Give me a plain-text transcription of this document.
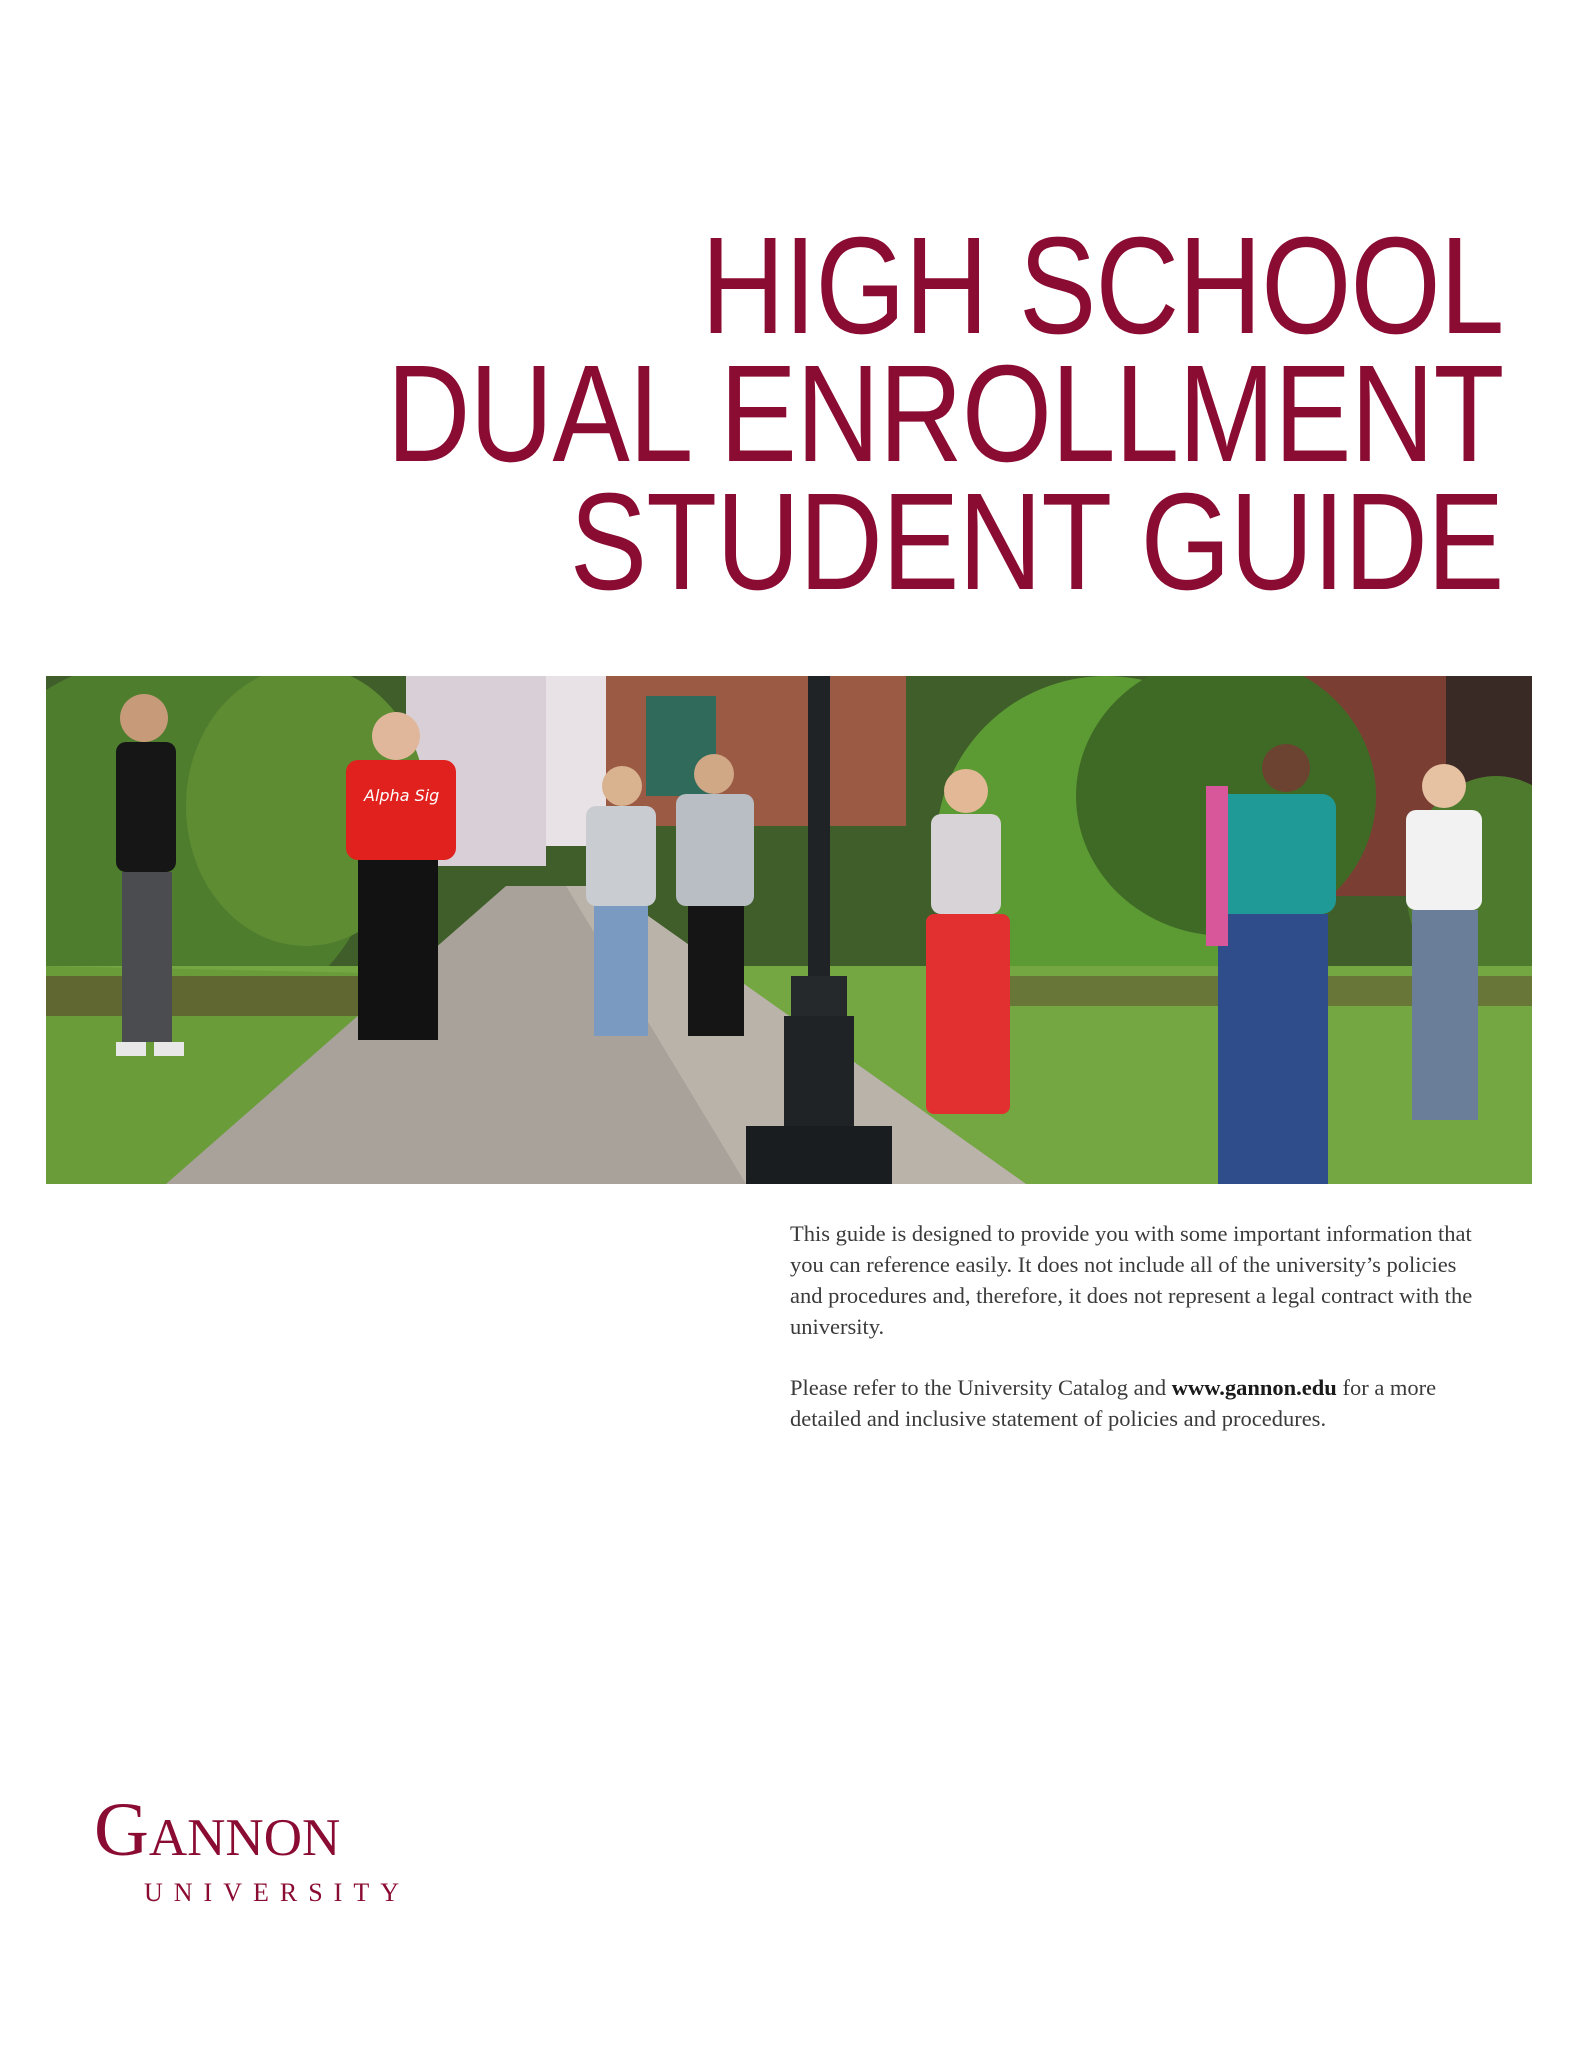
HIGH SCHOOL
DUAL ENROLLMENT
STUDENT GUIDE
Alpha Sig

This guide is designed to provide you with some important information that you can reference easily. It does not include all of the university’s policies and procedures and, therefore, it does not represent a legal contract with the university.

Please refer to the University Catalog and www.gannon.edu for a more detailed and inclusive statement of policies and procedures.

Gannon
UNIVERSITY
